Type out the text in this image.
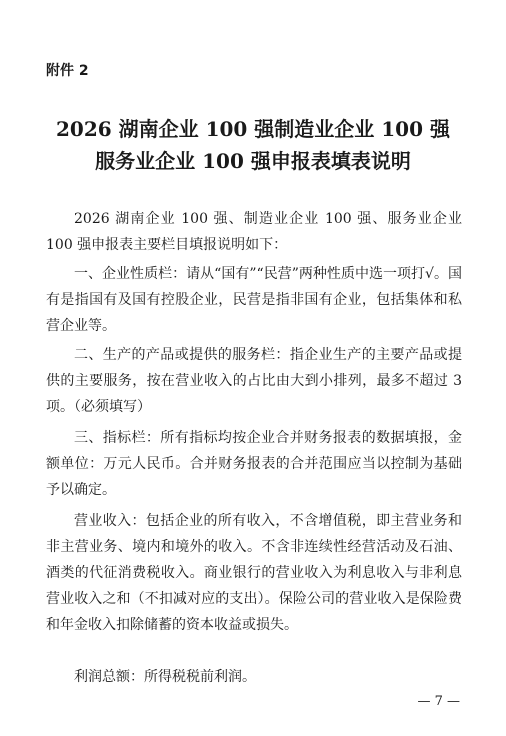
附件 2
2026 湖南企业 100 强制造业企业 100 强
服务业企业 100 强申报表填表说明

2026 湖南企业 100 强、制造业企业 100 强、服务业企业 100 强申报表主要栏目填报说明如下：

一、企业性质栏：请从“国有”“民营”两种性质中选一项打√。国有是指国有及国有控股企业，民营是指非国有企业，包括集体和私营企业等。

二、生产的产品或提供的服务栏：指企业生产的主要产品或提供的主要服务，按在营业收入的占比由大到小排列，最多不超过 3 项。（必须填写）

三、指标栏：所有指标均按企业合并财务报表的数据填报，金额单位：万元人民币。合并财务报表的合并范围应当以控制为基础予以确定。

营业收入：包括企业的所有收入，不含增值税，即主营业务和非主营业务、境内和境外的收入。不含非连续性经营活动及石油、酒类的代征消费税收入。商业银行的营业收入为利息收入与非利息营业收入之和（不扣减对应的支出）。保险公司的营业收入是保险费和年金收入扣除储蓄的资本收益或损失。

利润总额：所得税税前利润。

— 7 —
